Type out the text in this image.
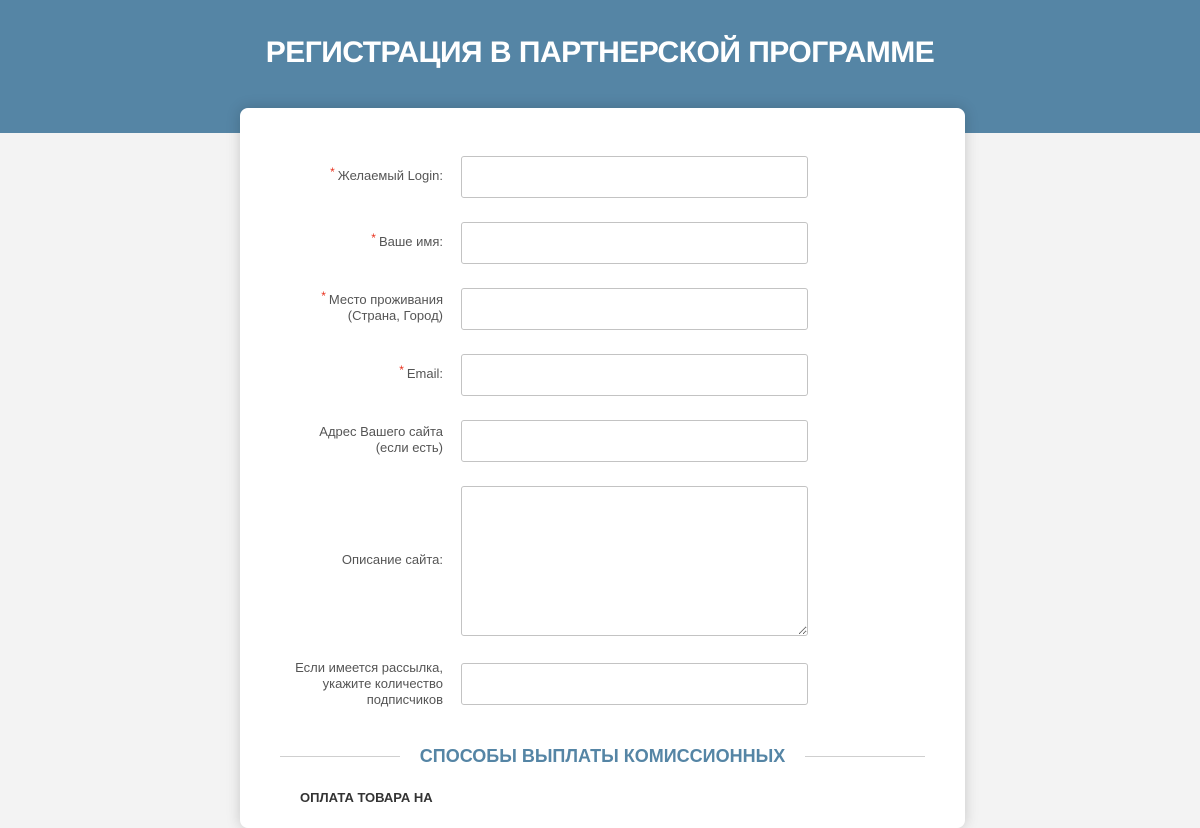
РЕГИСТРАЦИЯ В ПАРТНЕРСКОЙ ПРОГРАММЕ
* Желаемый Login:
* Ваше имя:
* Место проживания
(Страна, Город)
* Email:
Адрес Вашего сайта
(если есть)
Описание сайта:
Если имеется рассылка,
укажите количество
подписчиков
СПОСОБЫ ВЫПЛАТЫ КОМИССИОННЫХ
ОПЛАТА ТОВАРА НА
